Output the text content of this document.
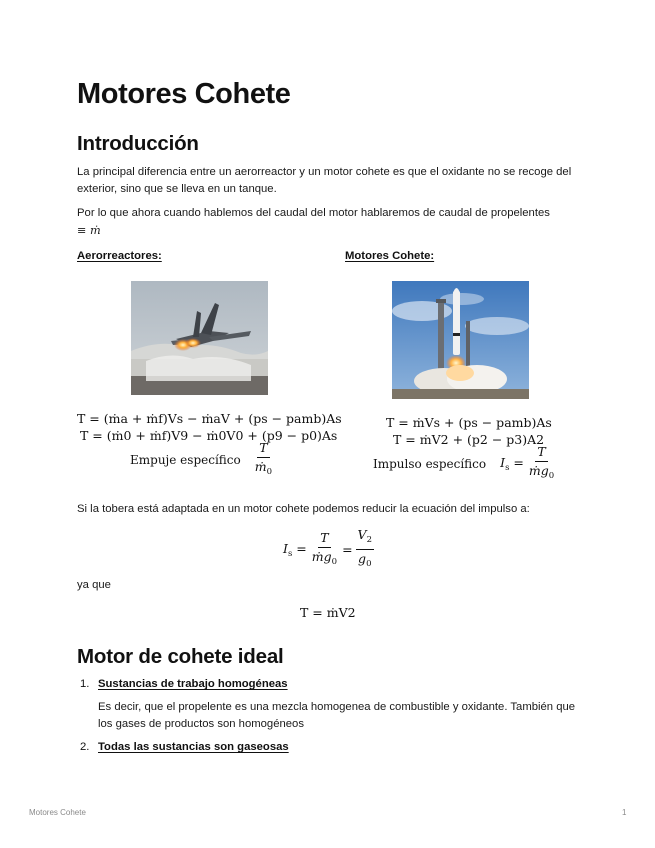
Motores Cohete
Introducción
La principal diferencia entre un aerorreactor y un motor cohete es que el oxidante no se recoge del exterior, sino que se lleva en un tanque.
Por lo que ahora cuando hablemos del caudal del motor hablaremos de caudal de propelentes
≡ ṁ
Aerorreactores:	Motores Cohete:
T = (ṁa + ṁf)Vs − ṁaV + (ps − pamb)As
T = (ṁ0 + ṁf)V9 − ṁ0V0 + (p9 − p0)As
Empuje específico $\frac{T}{ṁ_0}$
T = ṁVs + (ps − pamb)As
T = ṁV2 + (p2 − p3)A2
Impulso específico $I_s = \frac{T}{ṁg_0}$
Si la tobera está adaptada en un motor cohete podemos reducir la ecuación del impulso a:
$I_s = \frac{T}{ṁg_0} = \frac{V_2}{g_0}$
ya que
T = ṁV2
Motor de cohete ideal
1. Sustancias de trabajo homogéneas
Es decir, que el propelente es una mezcla homogenea de combustible y oxidante. También que los gases de productos son homogéneos
2. Todas las sustancias son gaseosas
Motores Cohete	1
